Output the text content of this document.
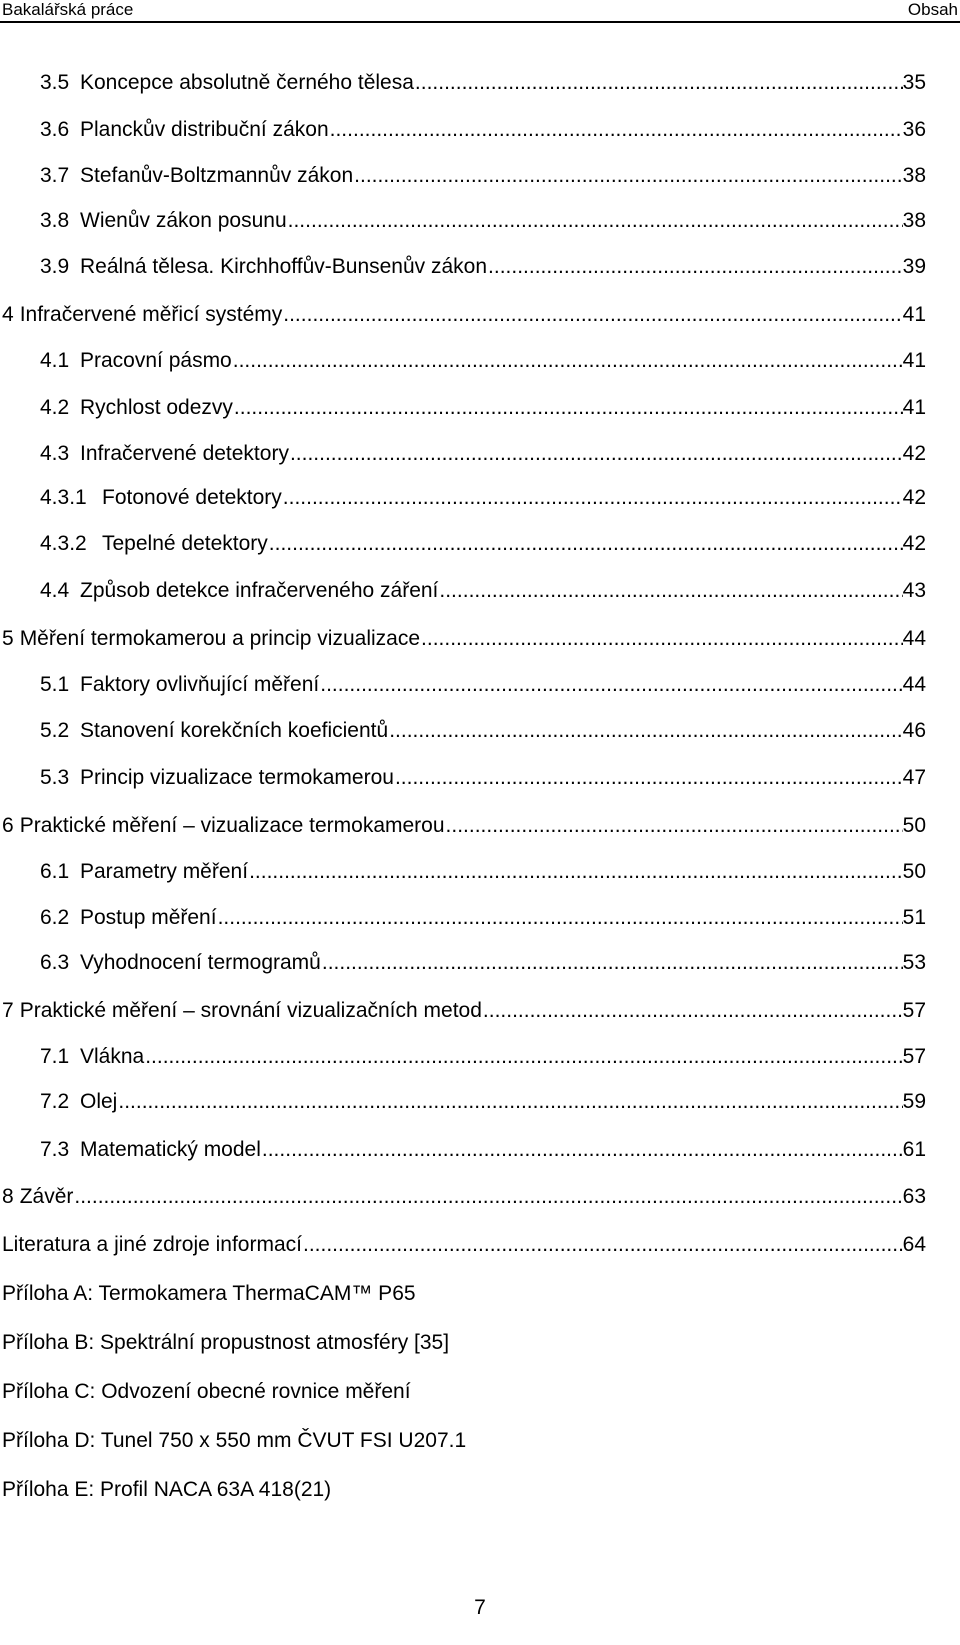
Bakalářská práce	Obsah
3.5 Koncepce absolutně černého tělesa .....	35
3.6 Planckův distribuční zákon .....	36
3.7 Stefanův-Boltzmannův zákon .....	38
3.8 Wienův zákon posunu .....	38
3.9 Reálná tělesa. Kirchhoffův-Bunsenův zákon .....	39
4 Infračervené měřicí systémy .....	41
4.1 Pracovní pásmo .....	41
4.2 Rychlost odezvy .....	41
4.3 Infračervené detektory .....	42
4.3.1 Fotonové detektory .....	42
4.3.2 Tepelné detektory .....	42
4.4 Způsob detekce infračerveného záření .....	43
5 Měření termokamerou a princip vizualizace .....	44
5.1 Faktory ovlivňující měření .....	44
5.2 Stanovení korekčních koeficientů .....	46
5.3 Princip vizualizace termokamerou .....	47
6 Praktické měření – vizualizace termokamerou .....	50
6.1 Parametry měření .....	50
6.2 Postup měření .....	51
6.3 Vyhodnocení termogramů .....	53
7 Praktické měření – srovnání vizualizačních metod .....	57
7.1 Vlákna .....	57
7.2 Olej .....	59
7.3 Matematický model .....	61
8 Závěr .....	63
Literatura a jiné zdroje informací .....	64
Příloha A: Termokamera ThermaCAM™ P65
Příloha B: Spektrální propustnost atmosféry [35]
Příloha C: Odvození obecné rovnice měření
Příloha D: Tunel 750 x 550 mm ČVUT FSI U207.1
Příloha E: Profil NACA 63A 418(21)
7
